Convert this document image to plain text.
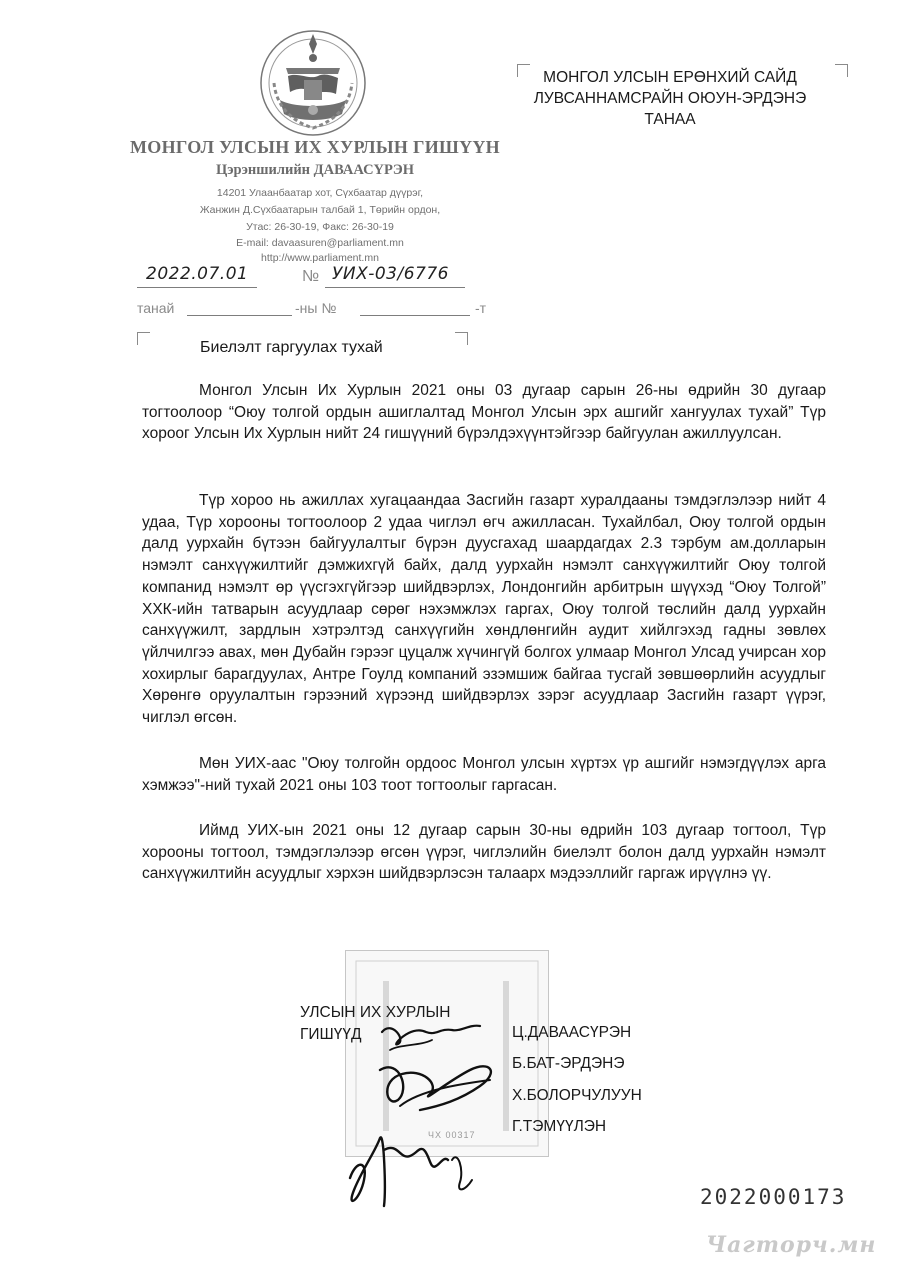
МОНГОЛ УЛСЫН ИХ ХУРЛЫН ГИШҮҮН
Цэрэншилийн ДАВААСҮРЭН
14201 Улаанбаатар хот, Сүхбаатар дүүрэг,
Жанжин Д.Сүхбаатарын талбай 1, Төрийн ордон,
Утас: 26-30-19, Факс: 26-30-19
E-mail: davaasuren@parliament.mn
http://www.parliament.mn
2022.07.01	№ УИХ-03/6776
танай	-ны №	-т
МОНГОЛ УЛСЫН ЕРӨНХИЙ САЙД
ЛУВСАННАМСРАЙН ОЮУН-ЭРДЭНЭ
ТАНАА
Биелэлт гаргуулах тухай

Монгол Улсын Их Хурлын 2021 оны 03 дугаар сарын 26-ны өдрийн 30 дугаар тогтоолоор “Оюу толгой ордын ашиглалтад Монгол Улсын эрх ашгийг хангуулах тухай” Түр хороог Улсын Их Хурлын нийт 24 гишүүний бүрэлдэхүүнтэйгээр байгуулан ажиллуулсан.

Түр хороо нь ажиллах хугацаандаа Засгийн газарт хуралдааны тэмдэглэлээр нийт 4 удаа, Түр хорооны тогтоолоор 2 удаа чиглэл өгч ажилласан. Тухайлбал, Оюу толгой ордын далд уурхайн бүтээн байгуулалтыг бүрэн дуусгахад шаардагдах 2.3 тэрбум ам.долларын нэмэлт санхүүжилтийг дэмжихгүй байх, далд уурхайн нэмэлт санхүүжилтийг Оюу толгой компанид нэмэлт өр үүсгэхгүйгээр шийдвэрлэх, Лондонгийн арбитрын шүүхэд “Оюу Толгой” ХХК-ийн татварын асуудлаар сөрөг нэхэмжлэх гаргах, Оюу толгой төслийн далд уурхайн санхүүжилт, зардлын хэтрэлтэд санхүүгийн хөндлөнгийн аудит хийлгэхэд гадны зөвлөх үйлчилгээ авах, мөн Дубайн гэрээг цуцалж хүчингүй болгох улмаар Монгол Улсад учирсан хор хохирлыг барагдуулах, Антре Гоулд компаний эзэмшиж байгаа тусгай зөвшөөрлийн асуудлыг Хөрөнгө оруулалтын гэрээний хүрээнд шийдвэрлэх зэрэг асуудлаар Засгийн газарт үүрэг, чиглэл өгсөн.

Мөн УИХ-аас "Оюу толгойн ордоос Монгол улсын хүртэх үр ашгийг нэмэгдүүлэх арга хэмжээ"-ний тухай 2021 оны 103 тоот тогтоолыг гаргасан.

Иймд УИХ-ын 2021 оны 12 дугаар сарын 30-ны өдрийн 103 дугаар тогтоол, Түр хорооны тогтоол, тэмдэглэлээр өгсөн үүрэг, чиглэлийн биелэлт болон далд уурхайн нэмэлт санхүүжилтийн асуудлыг хэрхэн шийдвэрлэсэн талаарх мэдээллийг гаргаж ирүүлнэ үү.

ЧХ 00317
УЛСЫН ИХ ХУРЛЫН
ГИШҮҮД	Ц.ДАВААСҮРЭН
Б.БАТ-ЭРДЭНЭ
Х.БОЛОРЧУЛУУН
Г.ТЭМҮҮЛЭН
2022000173
Чагторч.мн
